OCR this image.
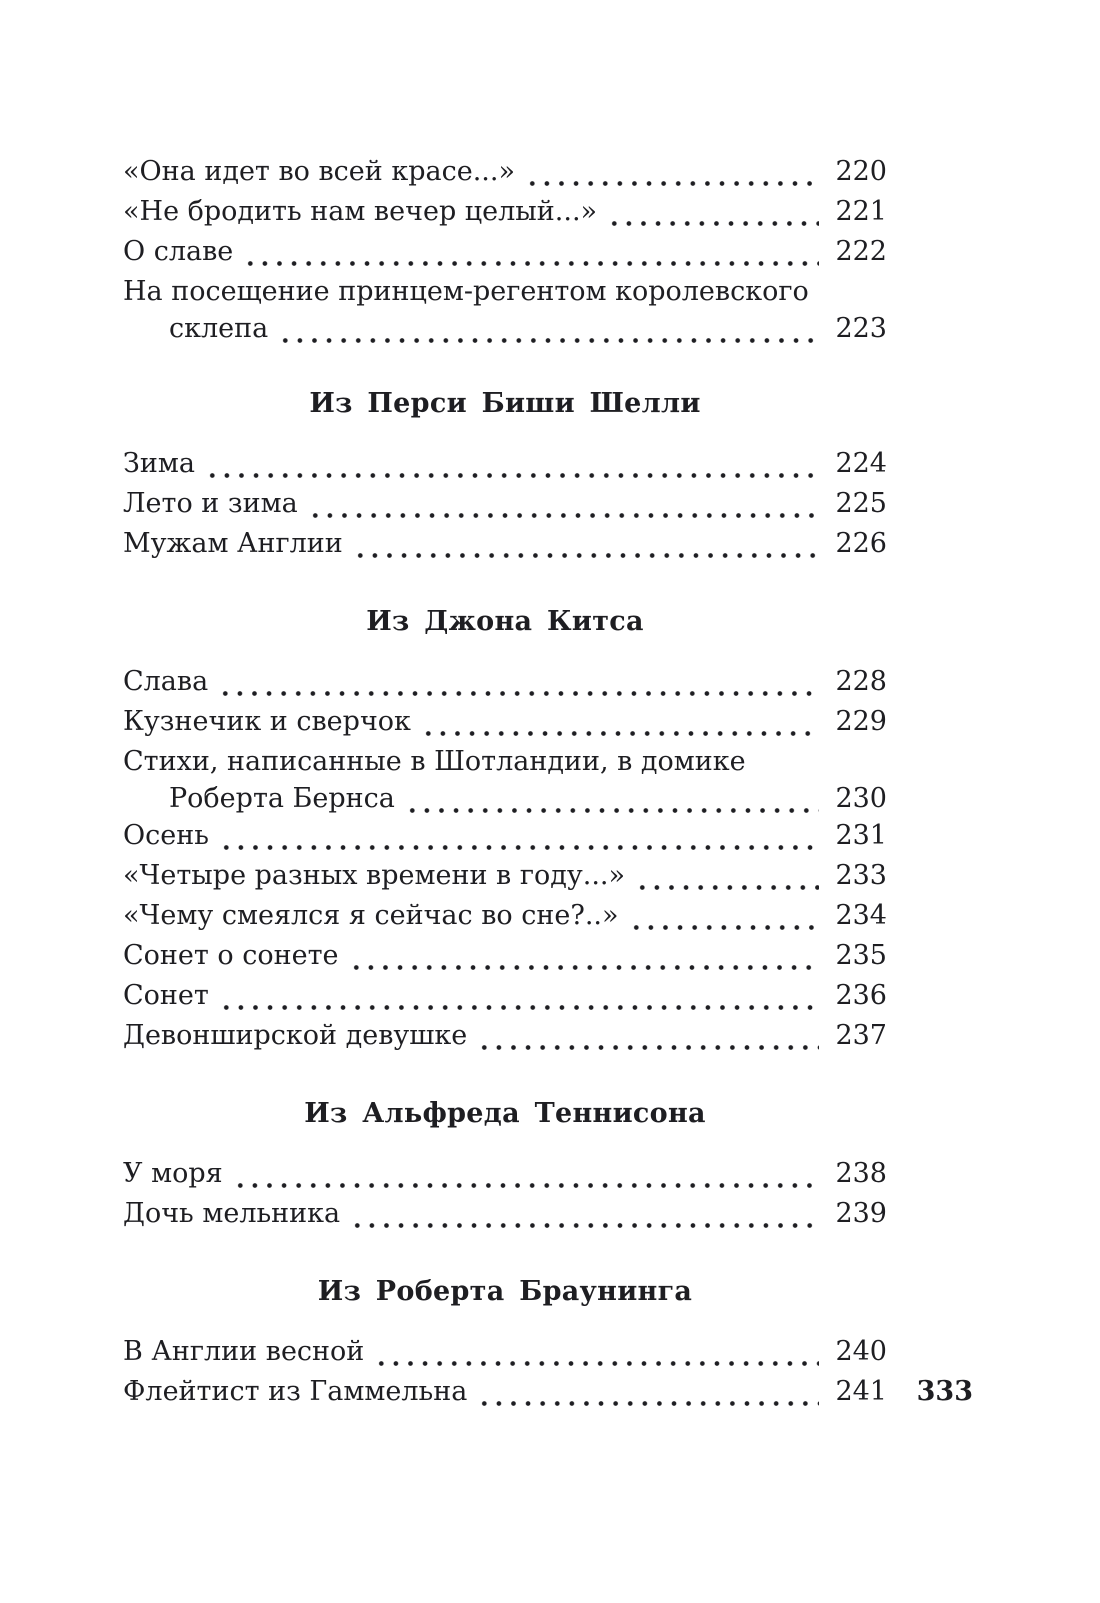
«Она идет во всей красе...»	220
«Не бродить нам вечер целый...»	221
О славе	222
На посещение принцем-регентом королевского
склепа	223
Из Перси Биши Шелли
Зима	224
Лето и зима	225
Мужам Англии	226
Из Джона Китса
Слава	228
Кузнечик и сверчок	229
Стихи, написанные в Шотландии, в домике
Роберта Бернса	230
Осень	231
«Четыре разных времени в году...»	233
«Чему смеялся я сейчас во сне?..»	234
Сонет о сонете	235
Сонет	236
Девонширской девушке	237
Из Альфреда Теннисона
У моря	238
Дочь мельника	239
Из Роберта Браунинга
В Англии весной	240
Флейтист из Гаммельна	241	333
